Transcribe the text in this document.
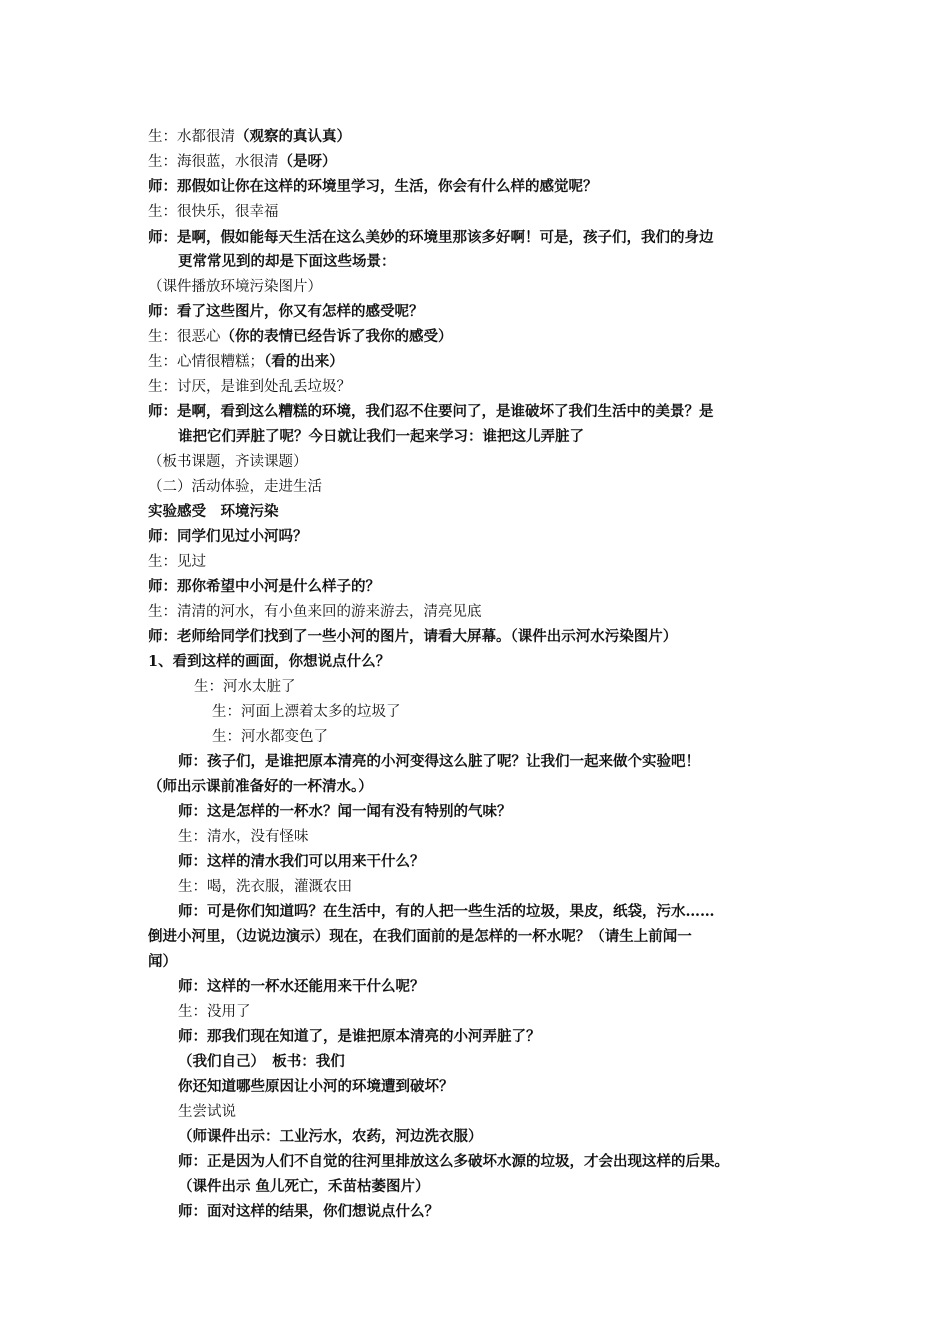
生：水都很清（观察的真认真）
生：海很蓝，水很清（是呀）
师：那假如让你在这样的环境里学习，生活，你会有什么样的感觉呢？
生：很快乐，很幸福
师：是啊，假如能每天生活在这么美妙的环境里那该多好啊！可是，孩子们，我们的身边
更常常见到的却是下面这些场景：
（课件播放环境污染图片）
师：看了这些图片，你又有怎样的感受呢？
生：很恶心（你的表情已经告诉了我你的感受）
生：心情很糟糕；（看的出来）
生：讨厌，是谁到处乱丢垃圾？
师：是啊，看到这么糟糕的环境，我们忍不住要问了，是谁破坏了我们生活中的美景？是
谁把它们弄脏了呢？今日就让我们一起来学习：谁把这儿弄脏了
（板书课题，齐读课题）
（二）活动体验，走进生活
实验感受　环境污染
师：同学们见过小河吗？
生：见过
师：那你希望中小河是什么样子的？
生：清清的河水，有小鱼来回的游来游去，清亮见底
师：老师给同学们找到了一些小河的图片，请看大屏幕。（课件出示河水污染图片）
1、看到这样的画面，你想说点什么？
生：河水太脏了
生：河面上漂着太多的垃圾了
生：河水都变色了
师：孩子们，是谁把原本清亮的小河变得这么脏了呢？让我们一起来做个实验吧！
（师出示课前准备好的一杯清水。）
师：这是怎样的一杯水？闻一闻有没有特别的气味？
生：清水，没有怪味
师：这样的清水我们可以用来干什么？
生：喝，洗衣服，灌溉农田
师：可是你们知道吗？在生活中，有的人把一些生活的垃圾，果皮，纸袋，污水……
倒进小河里，（边说边演示）现在，在我们面前的是怎样的一杯水呢？（请生上前闻一
闻）
师：这样的一杯水还能用来干什么呢？
生：没用了
师：那我们现在知道了，是谁把原本清亮的小河弄脏了？
（我们自己）　板书：我们
你还知道哪些原因让小河的环境遭到破坏？
生尝试说
（师课件出示：工业污水，农药，河边洗衣服）
师：正是因为人们不自觉的往河里排放这么多破坏水源的垃圾，才会出现这样的后果。
（课件出示 鱼儿死亡，禾苗枯萎图片）
师：面对这样的结果，你们想说点什么？
